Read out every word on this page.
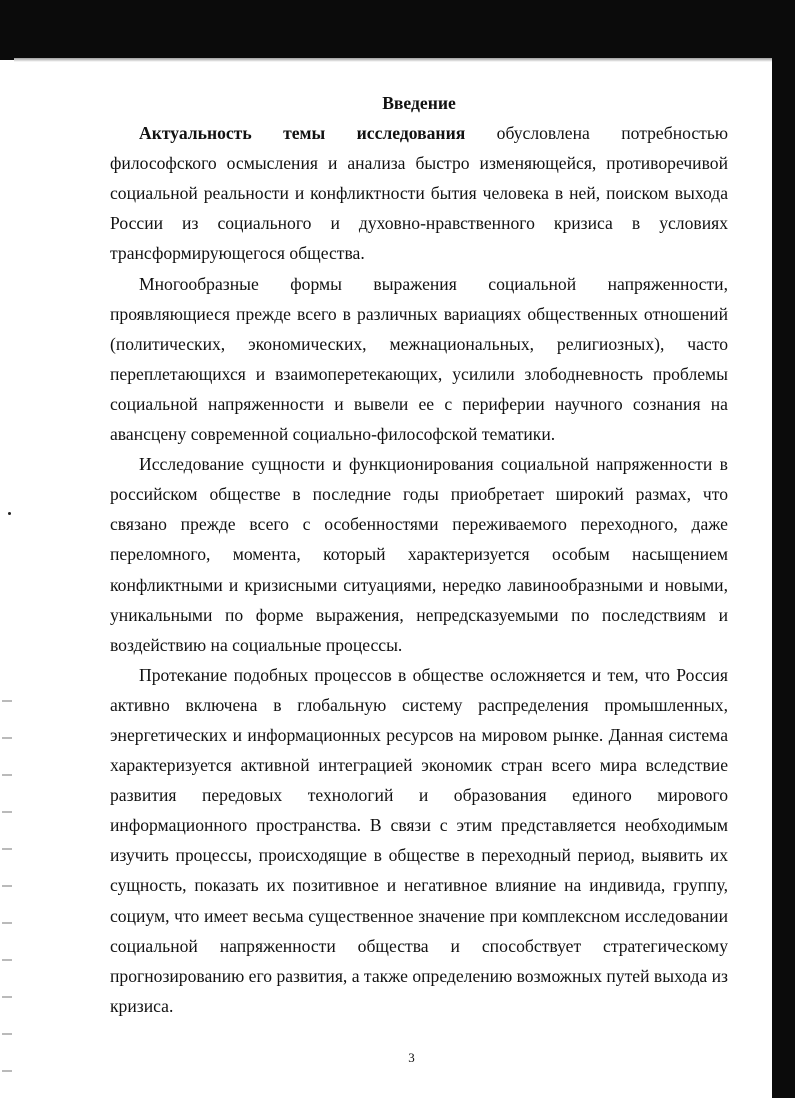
Введение

Актуальность темы исследования обусловлена потребностью философского осмысления и анализа быстро изменяющейся, противоречивой социальной реальности и конфликтности бытия человека в ней, поиском выхода России из социального и духовно-нравственного кризиса в условиях трансформирующегося общества.

Многообразные формы выражения социальной напряженности, проявляющиеся прежде всего в различных вариациях общественных отношений (политических, экономических, межнациональных, религиозных), часто переплетающихся и взаимоперетекающих, усилили злободневность проблемы социальной напряженности и вывели ее с периферии научного сознания на авансцену современной социально-философской тематики.

Исследование сущности и функционирования социальной напряженности в российском обществе в последние годы приобретает широкий размах, что связано прежде всего с особенностями переживаемого переходного, даже переломного, момента, который характеризуется особым насыщением конфликтными и кризисными ситуациями, нередко лавинообразными и новыми, уникальными по форме выражения, непредсказуемыми по последствиям и воздействию на социальные процессы.

Протекание подобных процессов в обществе осложняется и тем, что Россия активно включена в глобальную систему распределения промышленных, энергетических и информационных ресурсов на мировом рынке. Данная система характеризуется активной интеграцией экономик стран всего мира вследствие развития передовых технологий и образования единого мирового информационного пространства. В связи с этим представляется необходимым изучить процессы, происходящие в обществе в переходный период, выявить их сущность, показать их позитивное и негативное влияние на индивида, группу, социум, что имеет весьма существенное значение при комплексном исследовании социальной напряженности общества и способствует стратегическому прогнозированию его развития, а также определению возможных путей выхода из кризиса.

3
